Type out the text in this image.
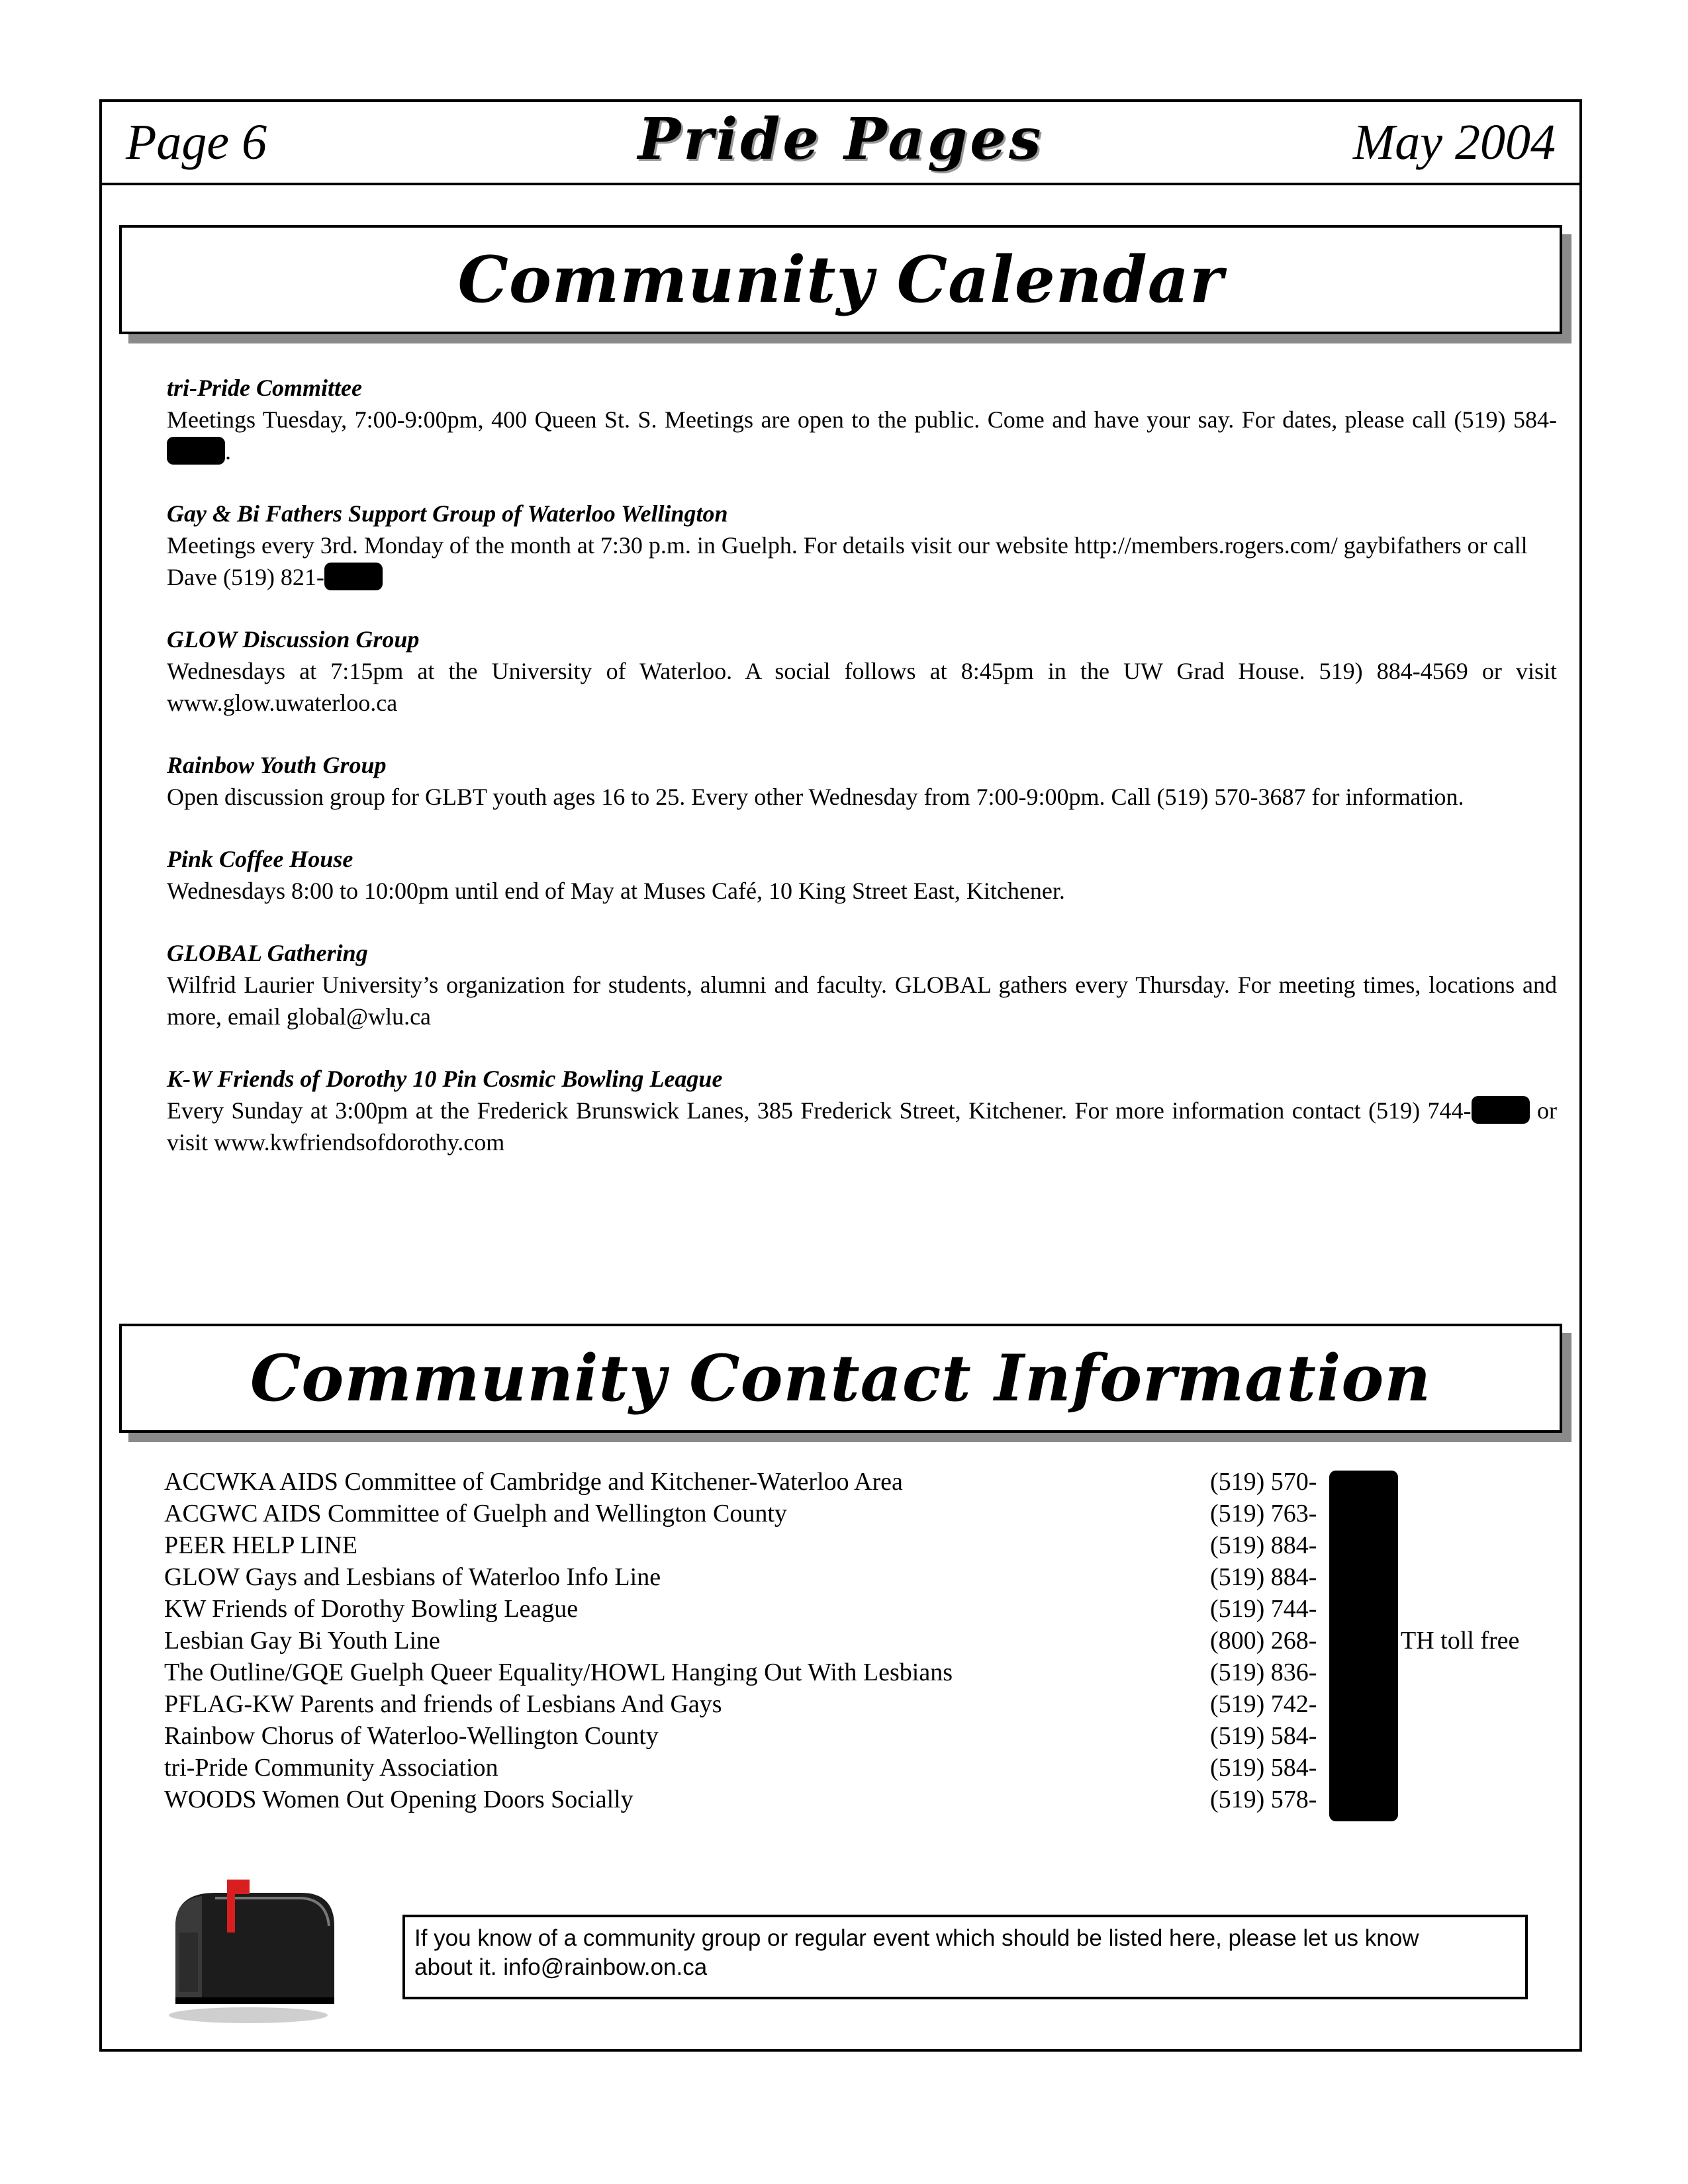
Page 6	Pride Pages	May 2004
Community Calendar
tri-Pride Committee
Meetings Tuesday, 7:00-9:00pm, 400 Queen St. S. Meetings are open to the public. Come and have your say. For dates, please call (519) 584-.
Gay & Bi Fathers Support Group of Waterloo Wellington
Meetings every 3rd. Monday of the month at 7:30 p.m. in Guelph. For details visit our website http://members.rogers.com/ gaybifathers or call Dave (519) 821-
GLOW Discussion Group
Wednesdays at 7:15pm at the University of Waterloo. A social follows at 8:45pm in the UW Grad House. 519) 884-4569 or visit www.glow.uwaterloo.ca
Rainbow Youth Group
Open discussion group for GLBT youth ages 16 to 25. Every other Wednesday from 7:00-9:00pm. Call (519) 570-3687 for information.
Pink Coffee House
Wednesdays 8:00 to 10:00pm until end of May at Muses Café, 10 King Street East, Kitchener.
GLOBAL Gathering
Wilfrid Laurier University’s organization for students, alumni and faculty. GLOBAL gathers every Thursday. For meeting times, locations and more, email global@wlu.ca
K-W Friends of Dorothy 10 Pin Cosmic Bowling League
Every Sunday at 3:00pm at the Frederick Brunswick Lanes, 385 Frederick Street, Kitchener. For more information contact (519) 744- or visit www.kwfriendsofdorothy.com
Community Contact Information
ACCWKA AIDS Committee of Cambridge and Kitchener-Waterloo Area	(519) 570-
ACGWC AIDS Committee of Guelph and Wellington County	(519) 763-
PEER HELP LINE	(519) 884-
GLOW Gays and Lesbians of Waterloo Info Line	(519) 884-
KW Friends of Dorothy Bowling League	(519) 744-
Lesbian Gay Bi Youth Line	(800) 268-	TH toll free
The Outline/GQE Guelph Queer Equality/HOWL Hanging Out With Lesbians	(519) 836-
PFLAG-KW Parents and friends of Lesbians And Gays	(519) 742-
Rainbow Chorus of Waterloo-Wellington County	(519) 584-
tri-Pride Community Association	(519) 584-
WOODS Women Out Opening Doors Socially	(519) 578-
If you know of a community group or regular event which should be listed here, please let us know about it. info@rainbow.on.ca
